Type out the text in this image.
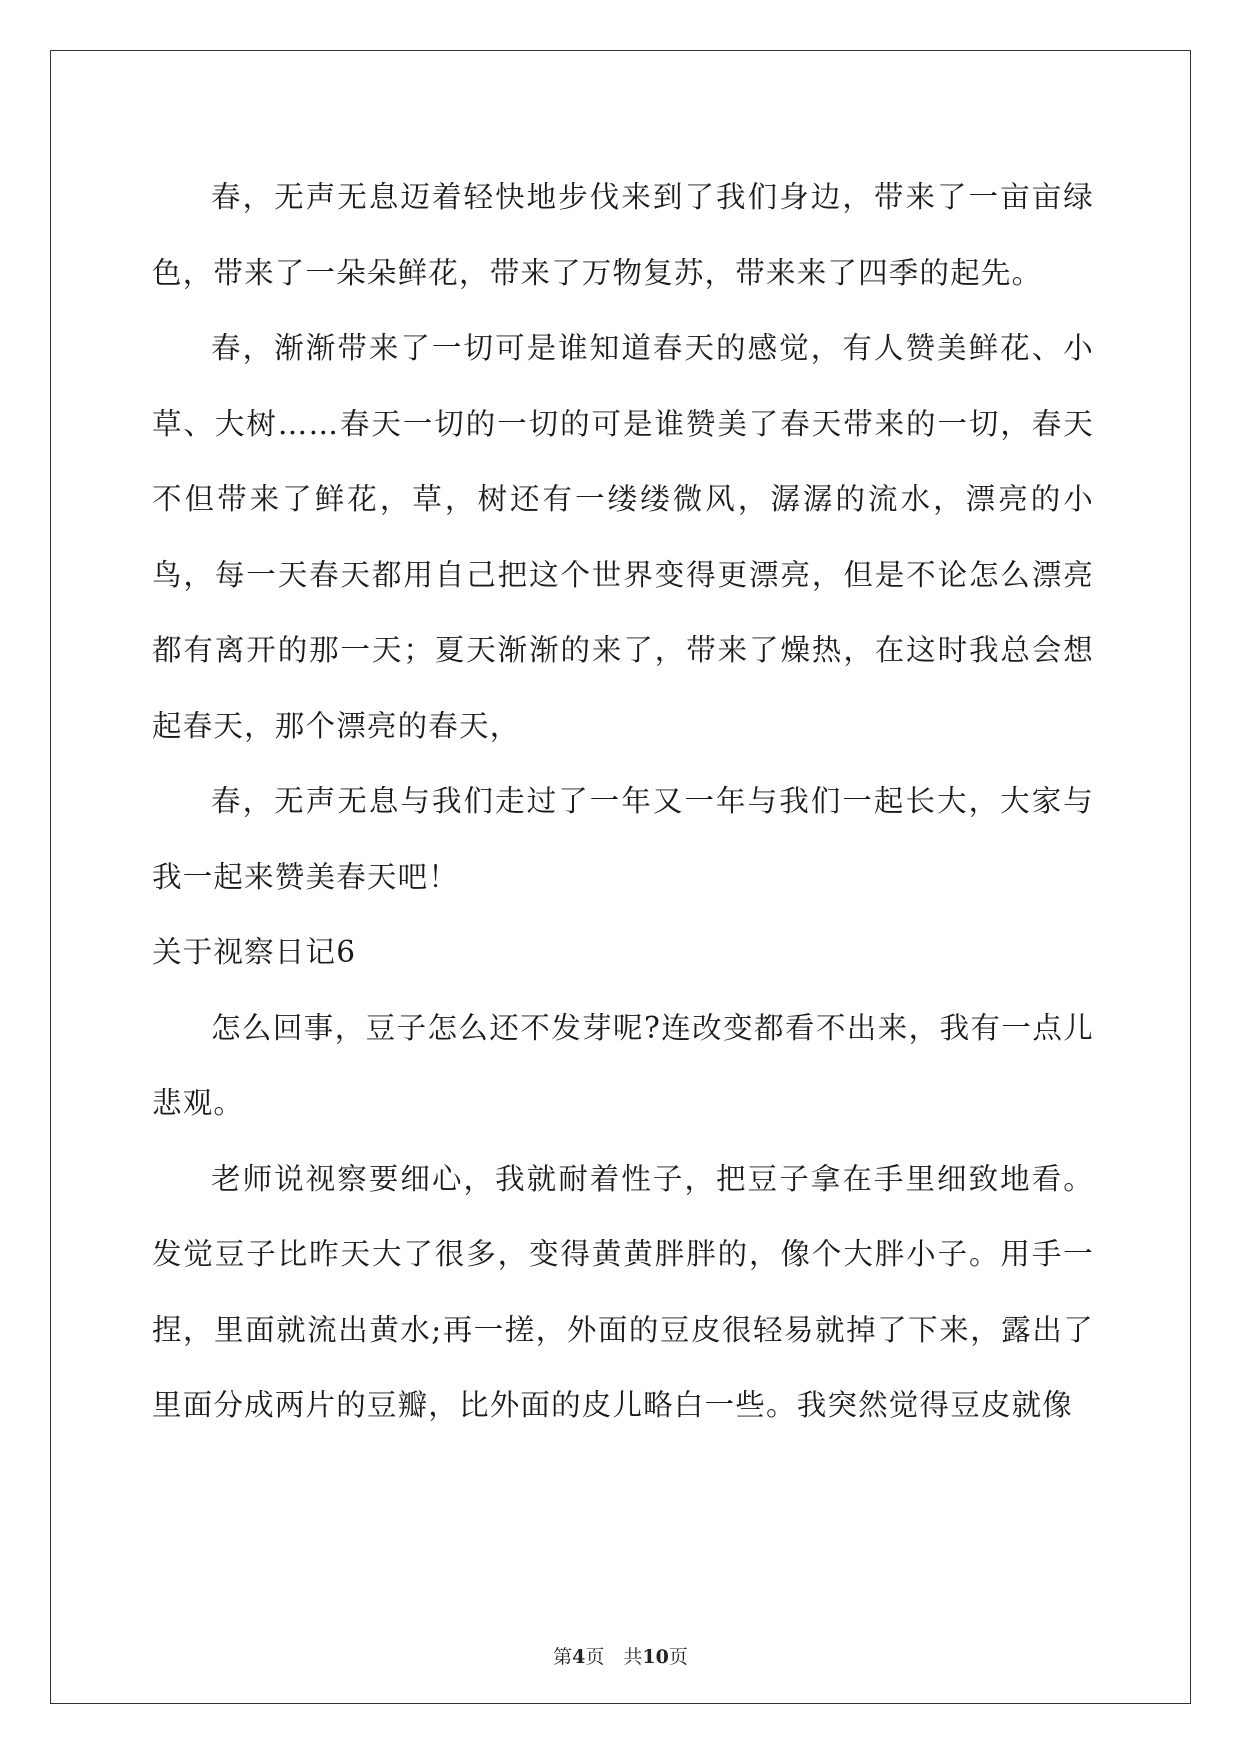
春，无声无息迈着轻快地步伐来到了我们身边，带来了一亩亩绿色，带来了一朵朵鲜花，带来了万物复苏，带来来了四季的起先。

春，渐渐带来了一切可是谁知道春天的感觉，有人赞美鲜花、小草、大树……春天一切的一切的可是谁赞美了春天带来的一切，春天不但带来了鲜花，草，树还有一缕缕微风，潺潺的流水，漂亮的小鸟，每一天春天都用自己把这个世界变得更漂亮，但是不论怎么漂亮都有离开的那一天；夏天渐渐的来了，带来了燥热，在这时我总会想起春天，那个漂亮的春天，

春，无声无息与我们走过了一年又一年与我们一起长大，大家与我一起来赞美春天吧！

关于视察日记6

怎么回事，豆子怎么还不发芽呢?连改变都看不出来，我有一点儿悲观。

老师说视察要细心，我就耐着性子，把豆子拿在手里细致地看。发觉豆子比昨天大了很多，变得黄黄胖胖的，像个大胖小子。用手一捏，里面就流出黄水;再一搓，外面的豆皮很轻易就掉了下来，露出了里面分成两片的豆瓣，比外面的皮儿略白一些。我突然觉得豆皮就像

第4页　共10页
